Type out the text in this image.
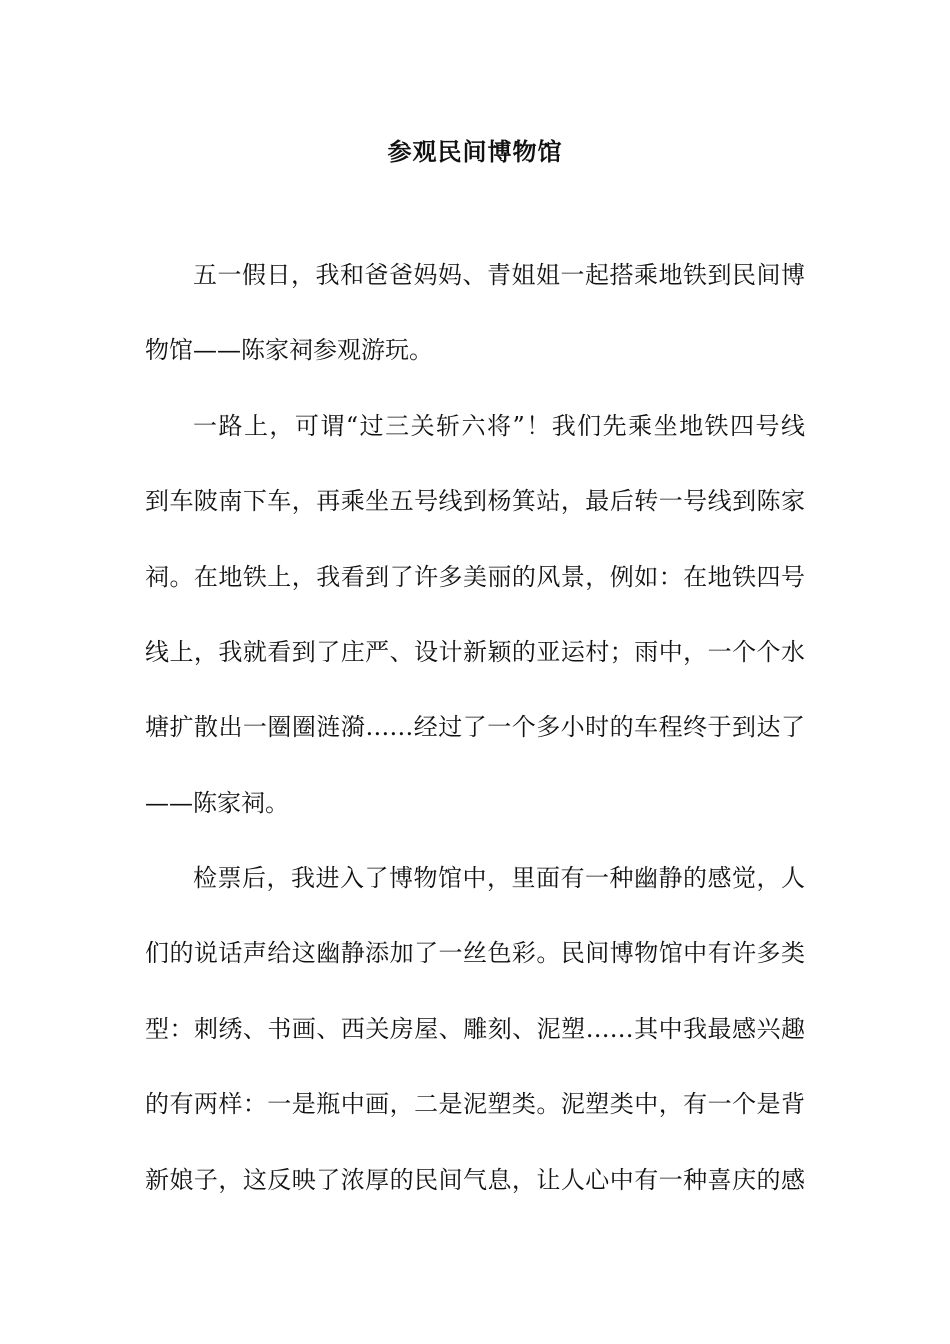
参观民间博物馆
五一假日，我和爸爸妈妈、青姐姐一起搭乘地铁到民间博
物馆——陈家祠参观游玩。
一路上，可谓“过三关斩六将”！我们先乘坐地铁四号线
到车陂南下车，再乘坐五号线到杨箕站，最后转一号线到陈家
祠。在地铁上，我看到了许多美丽的风景，例如：在地铁四号
线上，我就看到了庄严、设计新颖的亚运村；雨中，一个个水
塘扩散出一圈圈涟漪……经过了一个多小时的车程终于到达了
——陈家祠。
检票后，我进入了博物馆中，里面有一种幽静的感觉，人
们的说话声给这幽静添加了一丝色彩。民间博物馆中有许多类
型：刺绣、书画、西关房屋、雕刻、泥塑……其中我最感兴趣
的有两样：一是瓶中画，二是泥塑类。泥塑类中，有一个是背
新娘子，这反映了浓厚的民间气息，让人心中有一种喜庆的感
